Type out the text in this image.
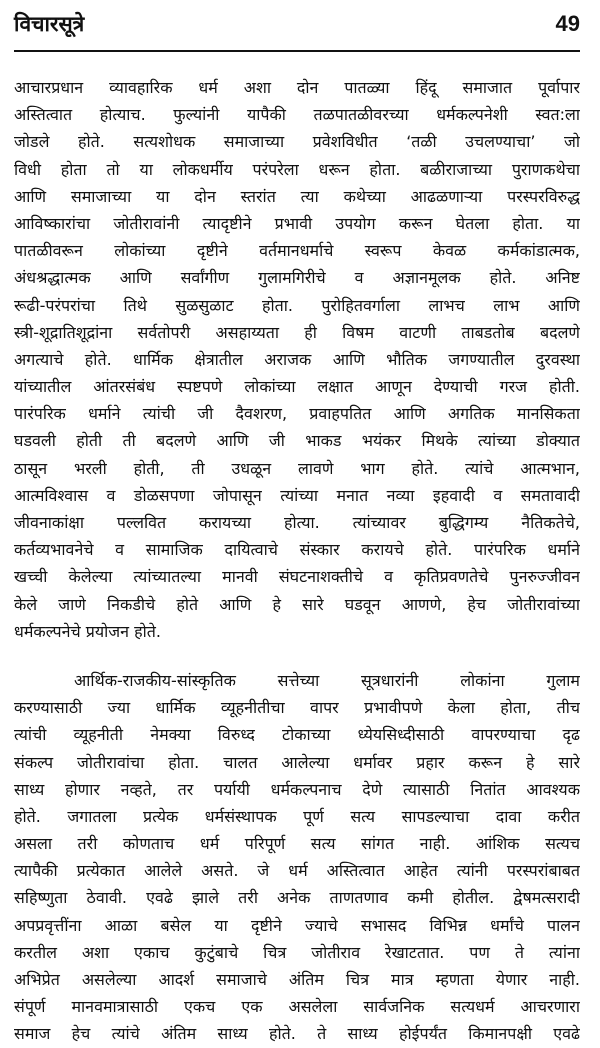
विचारसूत्रे	49
आचारप्रधान व्यावहारिक धर्म अशा दोन पातळ्या हिंदू समाजात पूर्वापार
अस्तित्वात होत्याच. फुल्यांनी यापैकी तळपातळीवरच्या धर्मकल्पनेशी स्वत:ला
जोडले होते. सत्यशोधक समाजाच्या प्रवेशविधीत ‘तळी उचलण्याचा’ जो
विधी होता तो या लोकधर्मीय परंपरेला धरून होता. बळीराजाच्या पुराणकथेचा
आणि समाजाच्या या दोन स्तरांत त्या कथेच्या आढळणाऱ्या परस्परविरुद्ध
आविष्कारांचा जोतीरावांनी त्यादृष्टीने प्रभावी उपयोग करून घेतला होता. या
पातळीवरून लोकांच्या दृष्टीने वर्तमानधर्माचे स्वरूप केवळ कर्मकांडात्मक,
अंधश्रद्धात्मक आणि सर्वांगीण गुलामगिरीचे व अज्ञानमूलक होते. अनिष्ट
रूढी-परंपरांचा तिथे सुळसुळाट होता. पुरोहितवर्गाला लाभच लाभ आणि
स्त्री-शूद्रातिशूद्रांना सर्वतोपरी असहाय्यता ही विषम वाटणी ताबडतोब बदलणे
अगत्याचे होते. धार्मिक क्षेत्रातील अराजक आणि भौतिक जगण्यातील दुरवस्था
यांच्यातील आंतरसंबंध स्पष्टपणे लोकांच्या लक्षात आणून देण्याची गरज होती.
पारंपरिक धर्माने त्यांची जी दैवशरण, प्रवाहपतित आणि अगतिक मानसिकता
घडवली होती ती बदलणे आणि जी भाकड भयंकर मिथके त्यांच्या डोक्यात
ठासून भरली होती, ती उधळून लावणे भाग होते. त्यांचे आत्मभान,
आत्मविश्वास व डोळसपणा जोपासून त्यांच्या मनात नव्या इहवादी व समतावादी
जीवनाकांक्षा पल्लवित करायच्या होत्या. त्यांच्यावर बुद्धिगम्य नैतिकतेचे,
कर्तव्यभावनेचे व सामाजिक दायित्वाचे संस्कार करायचे होते. पारंपरिक धर्माने
खच्ची केलेल्या त्यांच्यातल्या मानवी संघटनाशक्तीचे व कृतिप्रवणतेचे पुनरुज्जीवन
केले जाणे निकडीचे होते आणि हे सारे घडवून आणणे, हेच जोतीरावांच्या
धर्मकल्पनेचे प्रयोजन होते.
आर्थिक-राजकीय-सांस्कृतिक सत्तेच्या सूत्रधारांनी लोकांना गुलाम
करण्यासाठी ज्या धार्मिक व्यूहनीतीचा वापर प्रभावीपणे केला होता, तीच
त्यांची व्यूहनीती नेमक्या विरुध्द टोकाच्या ध्येयसिध्दीसाठी वापरण्याचा दृढ
संकल्प जोतीरावांचा होता. चालत आलेल्या धर्मावर प्रहार करून हे सारे
साध्य होणार नव्हते, तर पर्यायी धर्मकल्पनाच देणे त्यासाठी नितांत आवश्यक
होते. जगातला प्रत्येक धर्मसंस्थापक पूर्ण सत्य सापडल्याचा दावा करीत
असला तरी कोणताच धर्म परिपूर्ण सत्य सांगत नाही. आंशिक सत्यच
त्यापैकी प्रत्येकात आलेले असते. जे धर्म अस्तित्वात आहेत त्यांनी परस्परांबाबत
सहिष्णुता ठेवावी. एवढे झाले तरी अनेक ताणतणाव कमी होतील. द्वेषमत्सरादी
अपप्रवृत्तींना आळा बसेल या दृष्टीने ज्याचे सभासद विभिन्न धर्मांचे पालन
करतील अशा एकाच कुटुंबाचे चित्र जोतीराव रेखाटतात. पण ते त्यांना
अभिप्रेत असलेल्या आदर्श समाजाचे अंतिम चित्र मात्र म्हणता येणार नाही.
संपूर्ण मानवमात्रासाठी एकच एक असलेला सार्वजनिक सत्यधर्म आचरणारा
समाज हेच त्यांचे अंतिम साध्य होते. ते साध्य होईपर्यंत किमानपक्षी एवढे
